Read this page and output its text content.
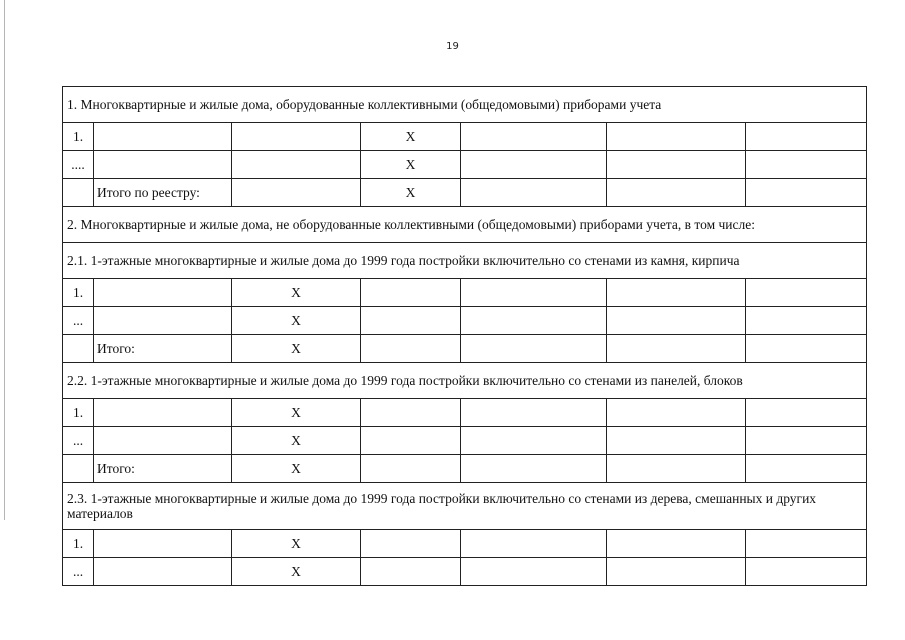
19
1. Многоквартирные и жилые дома, оборудованные коллективными (общедомовыми) приборами учета						
1.			X			
....			X			
	Итого по реестру:		X			
2. Многоквартирные и жилые дома, не оборудованные коллективными (общедомовыми) приборами учета, в том числе:						
2.1. 1-этажные многоквартирные и жилые дома до 1999 года постройки включительно со стенами из камня, кирпича						
1.		X				
...		X				
	Итого:	X				
2.2. 1-этажные многоквартирные и жилые дома до 1999 года постройки включительно со стенами из панелей, блоков						
1.		X				
...		X				
	Итого:	X				
2.3. 1-этажные многоквартирные и жилые дома до 1999 года постройки включительно со стенами из дерева, смешанных и других материалов						
1.		X				
...		X				
